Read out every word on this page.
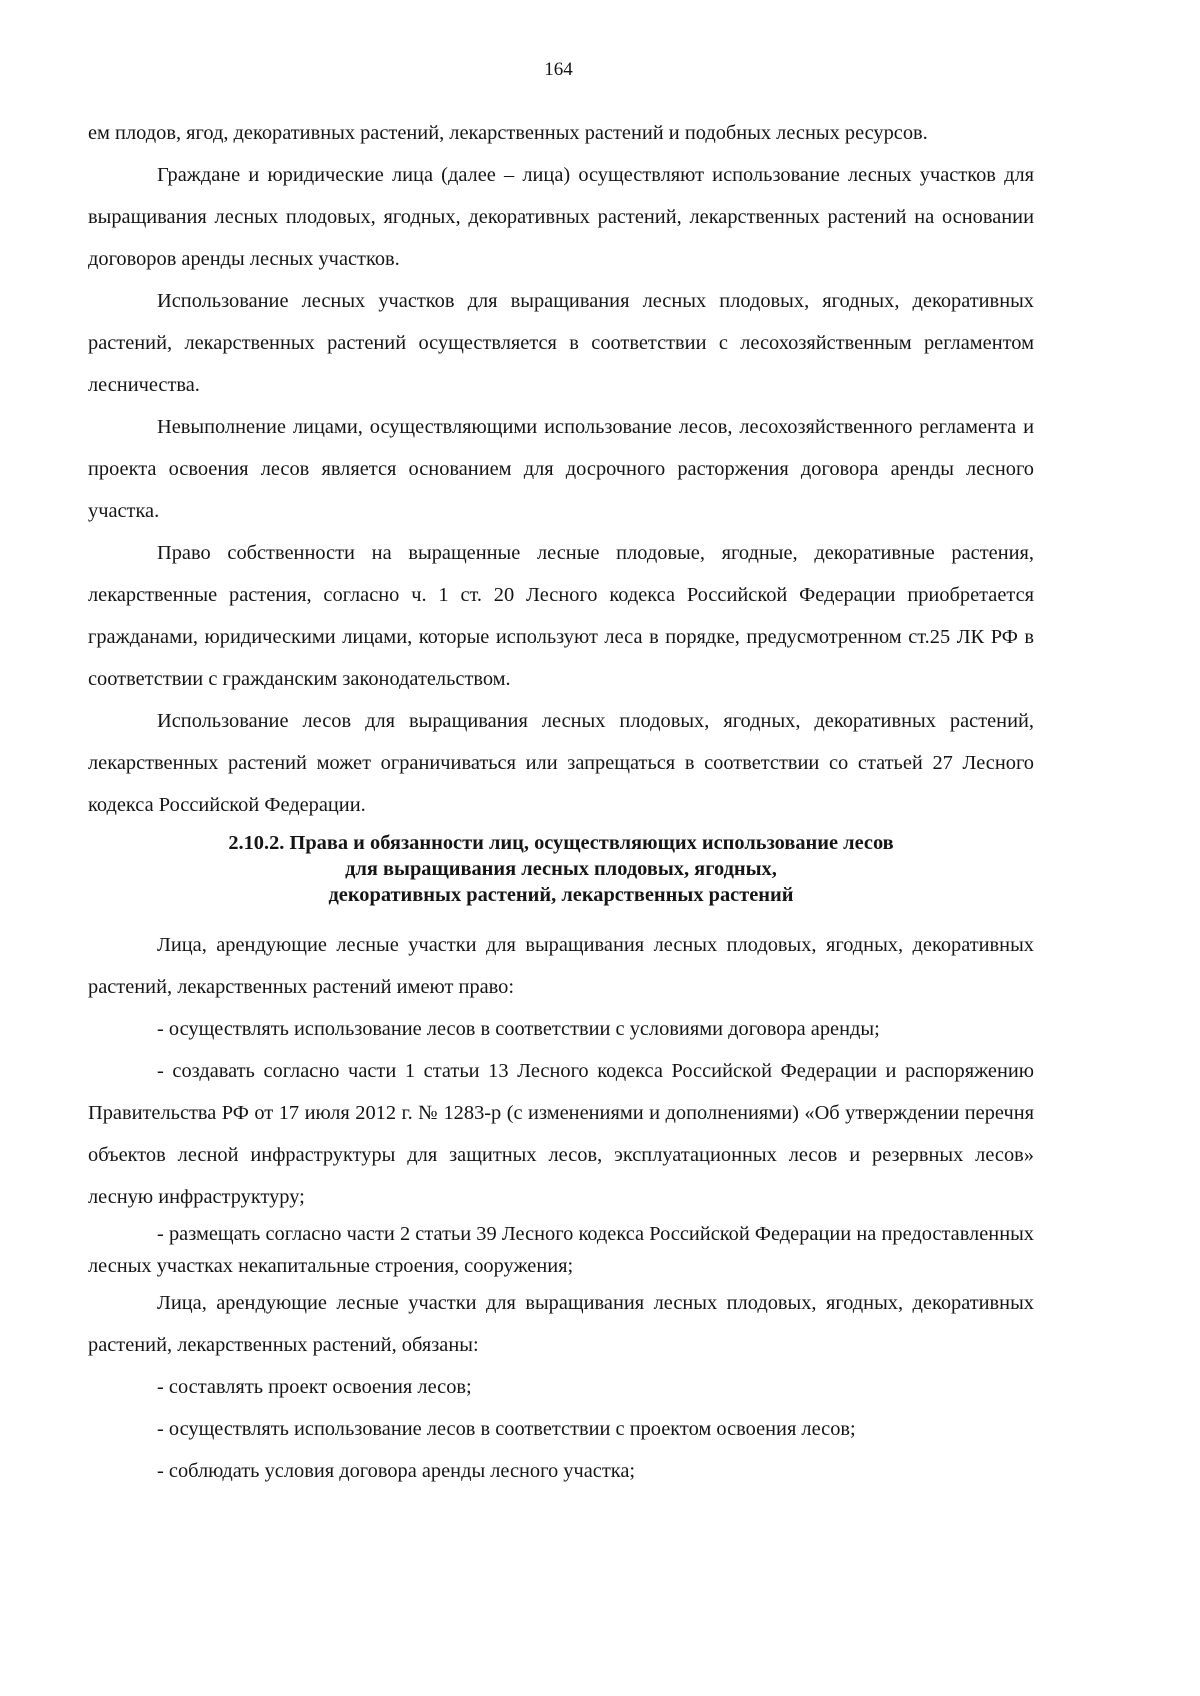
164

ем плодов, ягод, декоративных растений, лекарственных растений и подобных лесных ресурсов.

Граждане и юридические лица (далее – лица) осуществляют использование лесных участков для выращивания лесных плодовых, ягодных, декоративных растений, лекарственных растений на основании договоров аренды лесных участков.

Использование лесных участков для выращивания лесных плодовых, ягодных, декоративных растений, лекарственных растений осуществляется в соответствии с лесохозяйственным регламентом лесничества.

Невыполнение лицами, осуществляющими использование лесов, лесохозяйственного регламента и проекта освоения лесов является основанием для досрочного расторжения договора аренды лесного участка.

Право собственности на выращенные лесные плодовые, ягодные, декоративные растения, лекарственные растения, согласно ч. 1 ст. 20 Лесного кодекса Российской Федерации приобретается гражданами, юридическими лицами, которые используют леса в порядке, предусмотренном ст.25 ЛК РФ в соответствии с гражданским законодательством.

Использование лесов для выращивания лесных плодовых, ягодных, декоративных растений, лекарственных растений может ограничиваться или запрещаться в соответствии со статьей 27 Лесного кодекса Российской Федерации.

2.10.2. Права и обязанности лиц, осуществляющих использование лесов
для выращивания лесных плодовых, ягодных,
декоративных растений, лекарственных растений

Лица, арендующие лесные участки для выращивания лесных плодовых, ягодных, декоративных растений, лекарственных растений имеют право:

- осуществлять использование лесов в соответствии с условиями договора аренды;

- создавать согласно части 1 статьи 13 Лесного кодекса Российской Федерации и распоряжению Правительства РФ от 17 июля 2012 г. № 1283-р (с изменениями и дополнениями) «Об утверждении перечня объектов лесной инфраструктуры для защитных лесов, эксплуатационных лесов и резервных лесов» лесную инфраструктуру;

- размещать согласно части 2 статьи 39 Лесного кодекса Российской Федерации на предоставленных лесных участках некапитальные строения, сооружения;

Лица, арендующие лесные участки для выращивания лесных плодовых, ягодных, декоративных растений, лекарственных растений, обязаны:

- составлять проект освоения лесов;

- осуществлять использование лесов в соответствии с проектом освоения лесов;

- соблюдать условия договора аренды лесного участка;
